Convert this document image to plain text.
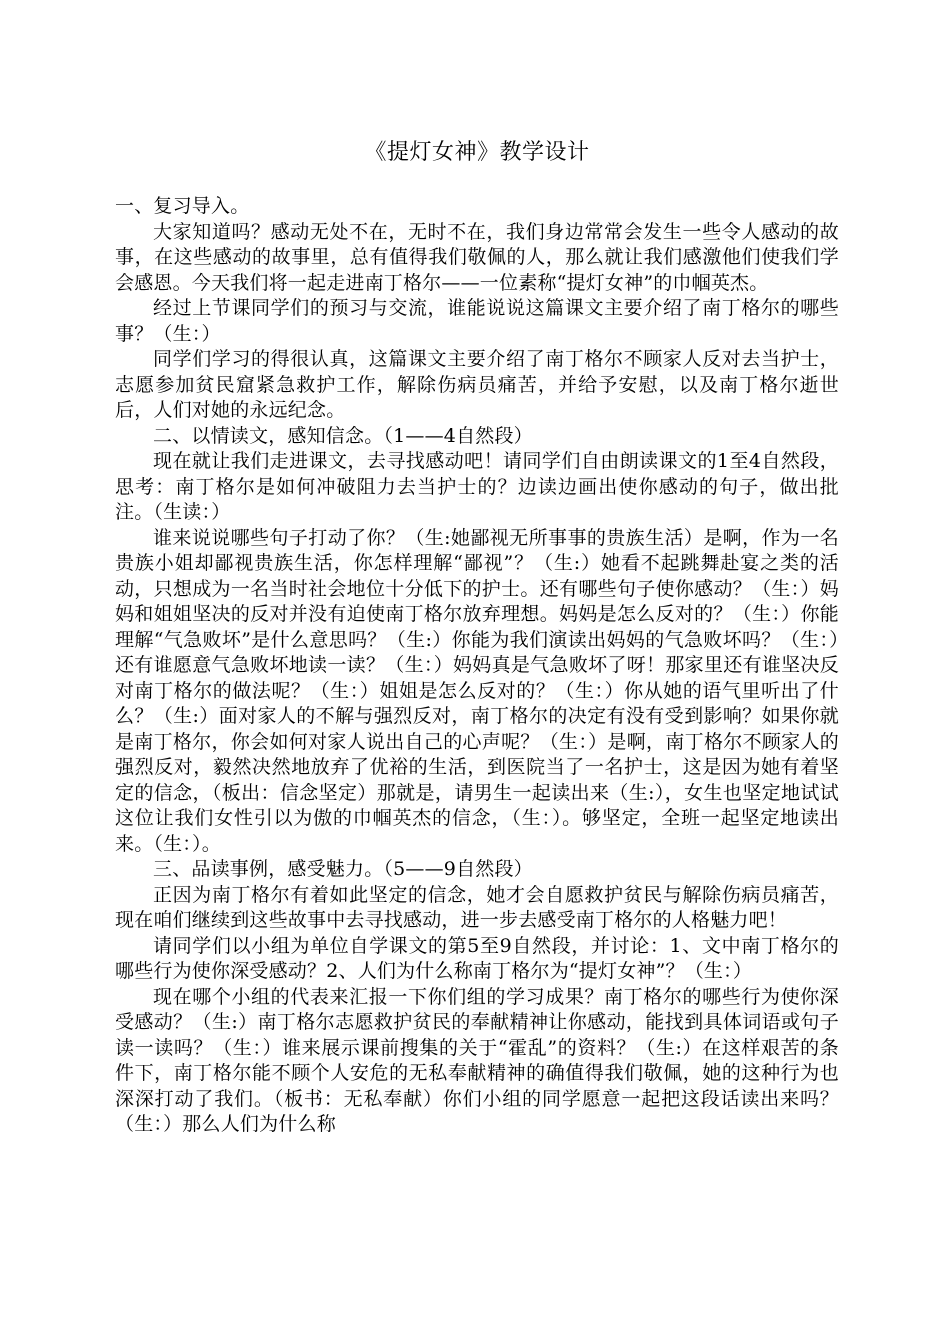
《提灯女神》教学设计

一、复习导入。

大家知道吗？感动无处不在，无时不在，我们身边常常会发生一些令人感动的故事，在这些感动的故事里，总有值得我们敬佩的人，那么就让我们感激他们使我们学会感恩。今天我们将一起走进南丁格尔——一位素称“提灯女神”的巾帼英杰。

经过上节课同学们的预习与交流，谁能说说这篇课文主要介绍了南丁格尔的哪些事？（生：）

同学们学习的得很认真，这篇课文主要介绍了南丁格尔不顾家人反对去当护士，志愿参加贫民窟紧急救护工作，解除伤病员痛苦，并给予安慰，以及南丁格尔逝世后，人们对她的永远纪念。

二、以情读文，感知信念。（1——4自然段）

现在就让我们走进课文，去寻找感动吧！请同学们自由朗读课文的1至4自然段，思考：南丁格尔是如何冲破阻力去当护士的？边读边画出使你感动的句子，做出批注。（生读：）

谁来说说哪些句子打动了你？（生:她鄙视无所事事的贵族生活）是啊，作为一名贵族小姐却鄙视贵族生活，你怎样理解“鄙视”？（生:）她看不起跳舞赴宴之类的活动，只想成为一名当时社会地位十分低下的护士。还有哪些句子使你感动？（生：）妈妈和姐姐坚决的反对并没有迫使南丁格尔放弃理想。妈妈是怎么反对的？（生：）你能理解“气急败坏”是什么意思吗？（生:）你能为我们演读出妈妈的气急败坏吗？（生：）还有谁愿意气急败坏地读一读？（生：）妈妈真是气急败坏了呀！那家里还有谁坚决反对南丁格尔的做法呢？（生：）姐姐是怎么反对的？（生：）你从她的语气里听出了什么？（生:）面对家人的不解与强烈反对，南丁格尔的决定有没有受到影响？如果你就是南丁格尔，你会如何对家人说出自己的心声呢？（生：）是啊，南丁格尔不顾家人的强烈反对，毅然决然地放弃了优裕的生活，到医院当了一名护士，这是因为她有着坚定的信念，（板出：信念坚定）那就是，请男生一起读出来（生:），女生也坚定地试试这位让我们女性引以为傲的巾帼英杰的信念，（生：）。够坚定，全班一起坚定地读出来。（生：）。

三、品读事例，感受魅力。（5——9自然段）

正因为南丁格尔有着如此坚定的信念，她才会自愿救护贫民与解除伤病员痛苦，现在咱们继续到这些故事中去寻找感动，进一步去感受南丁格尔的人格魅力吧！

请同学们以小组为单位自学课文的第5至9自然段，并讨论：1、文中南丁格尔的哪些行为使你深受感动？2、人们为什么称南丁格尔为“提灯女神”？（生：）

现在哪个小组的代表来汇报一下你们组的学习成果？南丁格尔的哪些行为使你深受感动？（生:）南丁格尔志愿救护贫民的奉献精神让你感动，能找到具体词语或句子读一读吗？（生：）谁来展示课前搜集的关于“霍乱”的资料？（生:）在这样艰苦的条件下，南丁格尔能不顾个人安危的无私奉献精神的确值得我们敬佩，她的这种行为也深深打动了我们。（板书：无私奉献）你们小组的同学愿意一起把这段话读出来吗？（生：）那么人们为什么称
